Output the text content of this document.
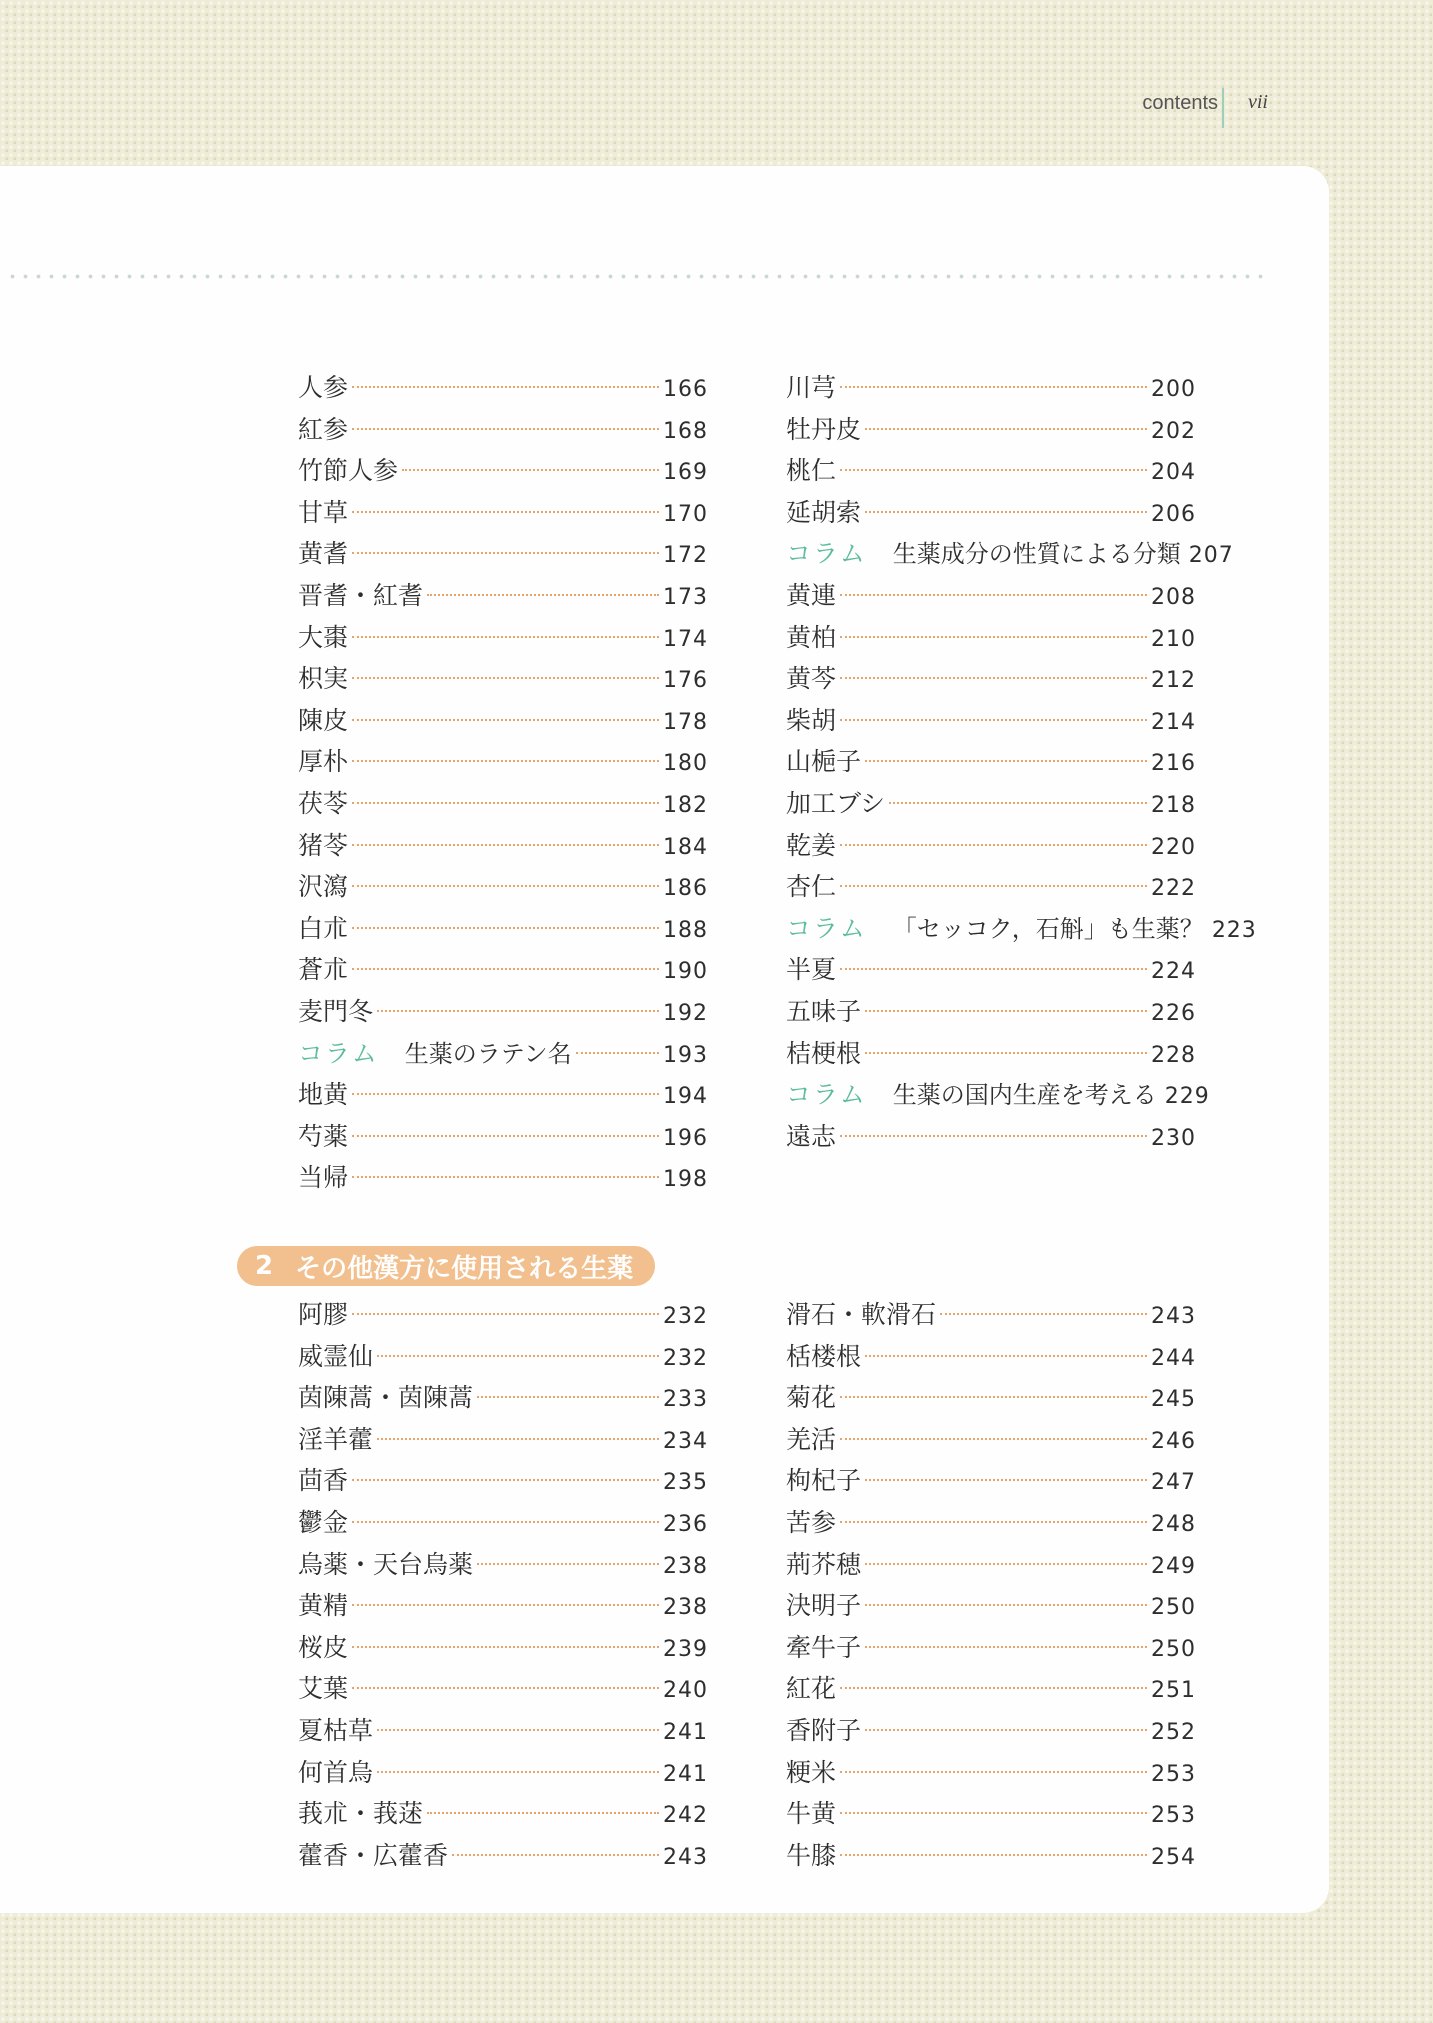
contents vii
人参	166
紅参	168
竹節人参	169
甘草	170
黄耆	172
晋耆・紅耆	173
大棗	174
枳実	176
陳皮	178
厚朴	180
茯苓	182
猪苓	184
沢瀉	186
白朮	188
蒼朮	190
麦門冬	192
コラム 生薬のラテン名	193
地黄	194
芍薬	196
当帰	198
川芎	200
牡丹皮	202
桃仁	204
延胡索	206
コラム 生薬成分の性質による分類 207
黄連	208
黄柏	210
黄芩	212
柴胡	214
山梔子	216
加工ブシ	218
乾姜	220
杏仁	222
コラム 「セッコク，石斛」も生薬？ 223
半夏	224
五味子	226
桔梗根	228
コラム 生薬の国内生産を考える 229
遠志	230
2 その他漢方に使用される生薬
阿膠	232
威霊仙	232
茵陳蒿・茵陳蒿	233
淫羊藿	234
茴香	235
鬱金	236
烏薬・天台烏薬	238
黄精	238
桜皮	239
艾葉	240
夏枯草	241
何首烏	241
莪朮・莪蒁	242
藿香・広藿香	243
滑石・軟滑石	243
栝楼根	244
菊花	245
羌活	246
枸杞子	247
苦参	248
荊芥穂	249
決明子	250
牽牛子	250
紅花	251
香附子	252
粳米	253
牛黄	253
牛膝	254
